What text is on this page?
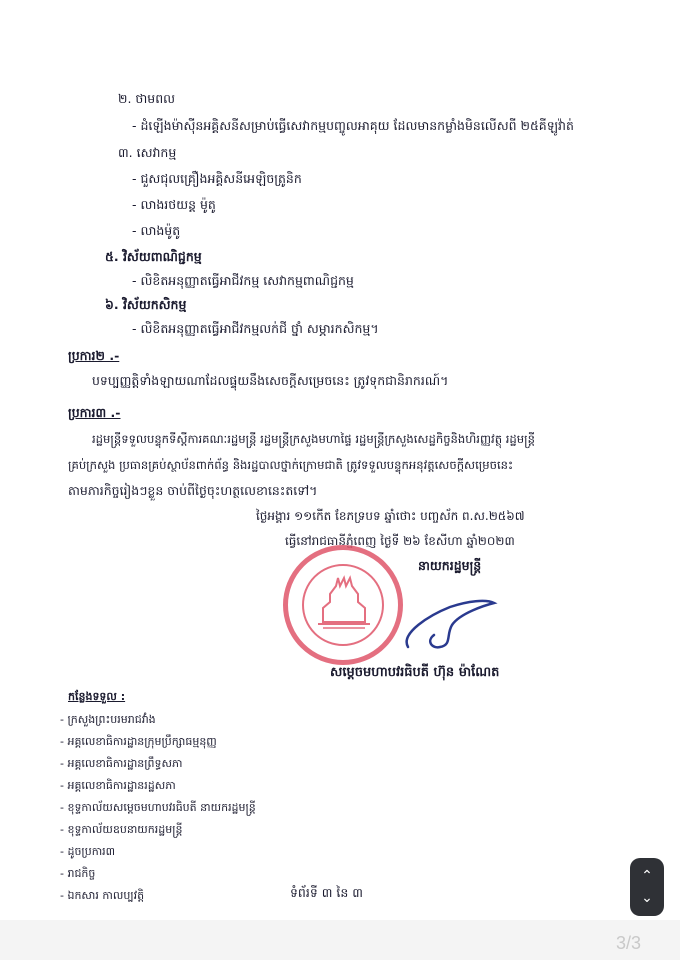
២. ថាមពល
- ដំឡើងម៉ាស៊ីនអគ្គិសនីសម្រាប់ធ្វើសេវាកម្មបញ្ចូលអាគុយ ដែលមានកម្លាំងមិនលើសពី ២៥គីឡូវ៉ាត់
៣. សេវាកម្ម
- ជួសជុលគ្រឿងអគ្គិសនីអេឡិចត្រូនិក
- លាងរថយន្ត ម៉ូតូ
- លាងម៉ូតូ
៥. វិស័យពាណិជ្ជកម្ម
- លិខិតអនុញ្ញាតធ្វើអាជីវកម្ម សេវាកម្មពាណិជ្ជកម្ម
៦. វិស័យកសិកម្ម
- លិខិតអនុញ្ញាតធ្វើអាជីវកម្មលក់ជី ថ្នាំ សម្ភារកសិកម្ម។
ប្រការ២ .-
បទប្បញ្ញត្តិទាំងឡាយណាដែលផ្ទុយនឹងសេចក្តីសម្រេចនេះ ត្រូវទុកជានិរាករណ៍។
ប្រការ៣ .-
រដ្ឋមន្ត្រីទទួលបន្ទុកទីស្តីការគណៈរដ្ឋមន្ត្រី រដ្ឋមន្ត្រីក្រសួងមហាផ្ទៃ រដ្ឋមន្ត្រីក្រសួងសេដ្ឋកិច្ចនិងហិរញ្ញវត្ថុ រដ្ឋមន្ត្រី
គ្រប់ក្រសួង ប្រធានគ្រប់ស្ថាប័នពាក់ព័ន្ធ និងរដ្ឋបាលថ្នាក់ក្រោមជាតិ ត្រូវទទួលបន្ទុកអនុវត្តសេចក្តីសម្រេចនេះ
តាមភារកិច្ចរៀងៗខ្លួន ចាប់ពីថ្ងៃចុះហត្ថលេខានេះតទៅ។
ថ្ងៃអង្គារ ១១កើត ខែភទ្របទ ឆ្នាំថោះ បញ្ចស័ក ព.ស.២៥៦៧
ធ្វើនៅរាជធានីភ្នំពេញ ថ្ងៃទី ២៦ ខែសីហា ឆ្នាំ២០២៣
នាយករដ្ឋមន្ត្រី
សម្តេចមហាបវរធិបតី ហ៊ុន ម៉ាណែត
កន្លែងទទួល :
- ក្រសួងព្រះបរមរាជវាំង
- អគ្គលេខាធិការដ្ឋានក្រុមប្រឹក្សាធម្មនុញ្ញ
- អគ្គលេខាធិការដ្ឋានព្រឹទ្ធសភា
- អគ្គលេខាធិការដ្ឋានរដ្ឋសភា
- ខុទ្ទកាល័យសម្តេចមហាបវរធិបតី នាយករដ្ឋមន្ត្រី
- ខុទ្ទកាល័យឧបនាយករដ្ឋមន្ត្រី
- ដូចប្រការ៣
- រាជកិច្ច
- ឯកសារ កាលប្បវត្តិ	ទំព័រទី ៣ នៃ ៣
⌃
⌄
3/3
